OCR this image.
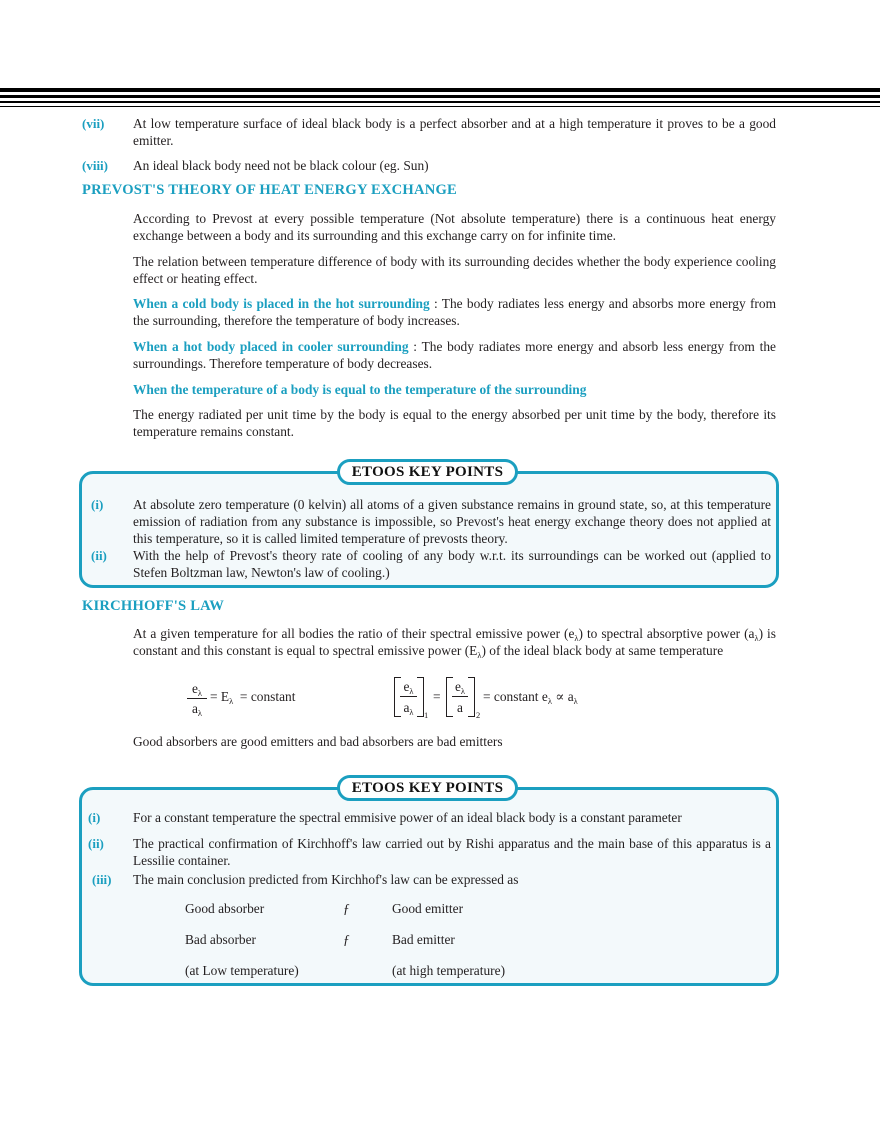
(vii) At low temperature surface of ideal black body is a perfect absorber and at a high temperature it proves to be a good emitter.
(viii) An ideal black body need not be black colour (eg. Sun)
PREVOST'S THEORY OF HEAT ENERGY EXCHANGE
According to Prevost at every possible temperature (Not absolute temperature) there is a continuous heat energy exchange between a body and its surrounding and this exchange carry on for infinite time.
The relation between temperature difference of body with its surrounding decides whether the body experience cooling effect or heating effect.
When a cold body is placed in the hot surrounding : The body radiates less energy and absorbs more energy from the surrounding, therefore the temperature of body increases.
When a hot body placed in cooler surrounding : The body radiates more energy and absorb less energy from the surroundings. Therefore temperature of body decreases.
When the temperature of a body is equal to the temperature of the surrounding
The energy radiated per unit time by the body is equal to the energy absorbed per unit time by the body, therefore its temperature remains constant.
ETOOS KEY POINTS
(i) At absolute zero temperature (0 kelvin) all atoms of a given substance remains in ground state, so, at this temperature emission of radiation from any substance is impossible, so Prevost's heat energy exchange theory does not applied at this temperature, so it is called limited temperature of prevosts theory.
(ii) With the help of Prevost's theory rate of cooling of any body w.r.t. its surroundings can be worked out (applied to Stefen Boltzman law, Newton's law of cooling.)
KIRCHHOFF'S LAW
At a given temperature for all bodies the ratio of their spectral emissive power $(e_\lambda)$ to spectral absorptive power $(a_\lambda)$ is constant and this constant is equal to spectral emissive power $(E_\lambda)$ of the ideal black body at same temperature
$e_\lambda$
$a_\lambda$
= $E_\lambda$ = constant
$e_\lambda$
$a_\lambda$	1
=
$e_\lambda$
a	2
= constant $e_\lambda \propto a_\lambda$
Good absorbers are good emitters and bad absorbers are bad emitters
ETOOS KEY POINTS
(i) For a constant temperature the spectral emmisive power of an ideal black body is a constant parameter
(ii) The practical confirmation of Kirchhoff's law carried out by Rishi apparatus and the main base of this apparatus is a Lessilie container.
(iii) The main conclusion predicted from Kirchhof's law can be expressed as
Good absorber	ƒ	Good emitter
Bad absorber	ƒ	Bad emitter
(at Low temperature)	(at high temperature)
